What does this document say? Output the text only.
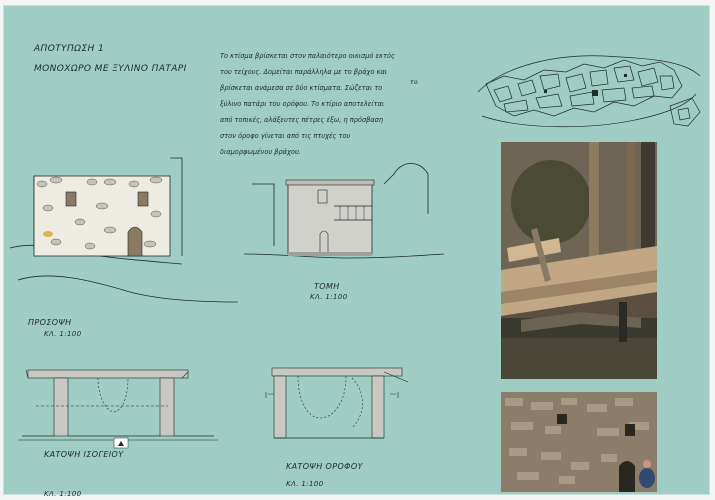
ΑΠΟΤΥΠΩΣΗ 1
ΜΟΝΟΧΩΡΟ ΜΕ ΞΥΛΙΝΟ ΠΑΤΑΡΙ
Το κτίσμα βρίσκεται στον παλαιότερο οικισμό εκτός
του τείχους. Δομείται παράλληλα με το βράχο και
βρίσκεται ανάμεσα σε δύο κτίσματα. Σώζεται το
ξύλινο πατάρι του ορόφου. Το κτίριο αποτελείται
από τοπικές, αλάξευτες πέτρες έξω, η πρόσβαση
στον όροφο γίνεται από τις πτυχές του
διαμορφωμένου βράχου.
το
ΠΡΟΣΟΨΗ
ΚΛ. 1:100
ΤΟΜΗ
ΚΛ. 1:100
ΚΑΤΟΨΗ ΙΣΟΓΕΙΟΥ
ΚΛ. 1:100
ΚΑΤΟΨΗ ΟΡΟΦΟΥ
ΚΛ. 1:100
